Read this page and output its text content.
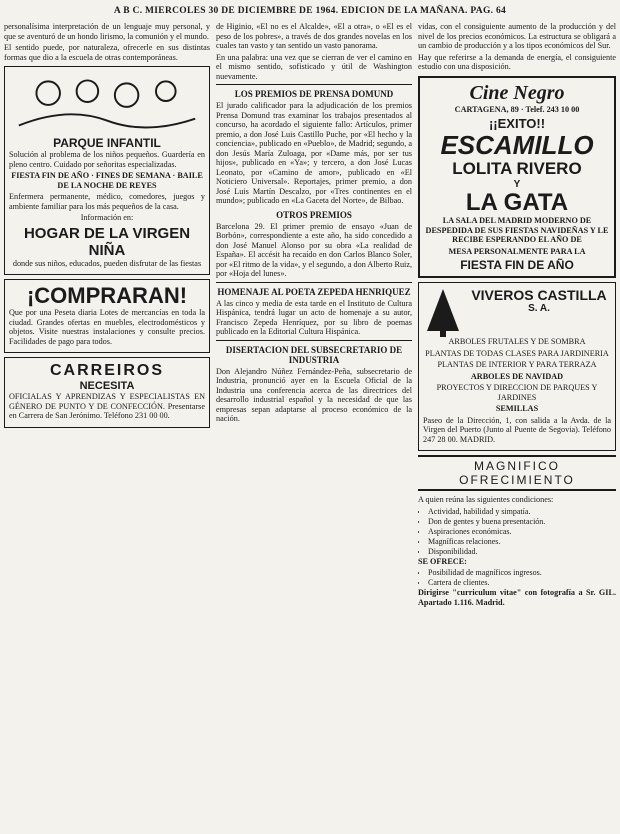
A B C. MIERCOLES 30 DE DICIEMBRE DE 1964. EDICION DE LA MAÑANA. PAG. 64

personalísima interpretación de un lenguaje muy personal, y que se aventuró de un hondo lirismo, la comunión y el mundo.

El sentido puede, por naturaleza, ofrecerle en sus distintas formas que dio a la escuela de otras contemporáneas.

PARQUE INFANTIL

Solución al problema de los niños pequeños. Guardería en pleno centro. Cuidado por señoritas especializadas.

FIESTA FIN DE AÑO · FINES DE SEMANA · BAILE DE LA NOCHE DE REYES

Enfermera permanente, médico, comedores, juegos y ambiente familiar para los más pequeños de la casa.

Información en:

HOGAR DE LA VIRGEN NIÑA

donde sus niños, educados, pueden disfrutar de las fiestas

¡COMPRARAN!

Que por una Peseta diaria Lotes de mercancías en toda la ciudad. Grandes ofertas en muebles, electrodomésticos y objetos. Visite nuestras instalaciones y consulte precios. Facilidades de pago para todos.

CARREIROS
NECESITA

OFICIALAS Y APRENDIZAS Y ESPECIALISTAS EN GÉNERO DE PUNTO Y DE CONFECCIÓN. Presentarse en Carrera de San Jerónimo. Teléfono 231 00 00.

de Higinio, «El no es el Alcalde», «El a otra», o «El es el peso de los pobres», a través de dos grandes novelas en los cuales tan vasto y tan sentido un vasto panorama.

En una palabra: una vez que se cierran de ver el camino en el mismo sentido, sofisticado y útil de Washington nuevamente.

LOS PREMIOS DE PRENSA DOMUND

El jurado calificador para la adjudicación de los premios Prensa Domund tras examinar los trabajos presentados al concurso, ha acordado el siguiente fallo: Artículos, primer premio, a don José Luis Castillo Puche, por «El hecho y la conciencia», publicado en «Pueblo», de Madrid; segundo, a don Jesús María Zuloaga, por «Dame más, por ser tus hijos», publicado en «Ya»; y tercero, a don José Lucas Leonato, por «Camino de amor», publicado en «El Noticiero Universal». Reportajes, primer premio, a don José Luis Martín Descalzo, por «Tres continentes en el mundo»; publicado en «La Gaceta del Norte», de Bilbao.

OTROS PREMIOS

Barcelona 29. El primer premio de ensayo «Juan de Borbón», correspondiente a este año, ha sido concedido a don José Manuel Alonso por su obra «La realidad de España». El accésit ha recaído en don Carlos Blanco Soler, por «El ritmo de la vida», y el segundo, a don Alberto Ruiz, por «Hoja del lunes».

HOMENAJE AL POETA ZEPEDA HENRIQUEZ

A las cinco y media de esta tarde en el Instituto de Cultura Hispánica, tendrá lugar un acto de homenaje a su autor, Francisco Zepeda Henríquez, por su libro de poemas publicado en la Editorial Cultura Hispánica.

DISERTACION DEL SUBSECRETARIO DE INDUSTRIA

Don Alejandro Núñez Fernández-Peña, subsecretario de Industria, pronunció ayer en la Escuela Oficial de la Industria una conferencia acerca de las directrices del desarrollo industrial español y la necesidad de que las empresas sepan adaptarse al proceso económico de la nación.

vidas, con el consiguiente aumento de la producción y del nivel de los precios económicos. La estructura se obligará a un cambio de producción y a los tipos económicos del Sur.

Hay que referirse a la demanda de energía, el consiguiente estudio con una disposición.

Cine Negro

CARTAGENA, 89 · Telef. 243 10 00

¡¡EXITO!!
ESCAMILLO
LOLITA RIVERO
Y
LA GATA

LA SALA DEL MADRID MODERNO DE DESPEDIDA DE SUS FIESTAS NAVIDEÑAS Y LE RECIBE ESPERANDO EL AÑO DE

MESA PERSONALMENTE PARA LA

FIESTA FIN DE AÑO
VIVEROS CASTILLA
S. A.

ARBOLES FRUTALES Y DE SOMBRA

PLANTAS DE TODAS CLASES PARA JARDINERIA

PLANTAS DE INTERIOR Y PARA TERRAZA

ARBOLES DE NAVIDAD

PROYECTOS Y DIRECCION DE PARQUES Y JARDINES

SEMILLAS

Paseo de la Dirección, 1, con salida a la Avda. de la Virgen del Puerto (Junto al Puente de Segovia). Teléfono 247 28 00. MADRID.

MAGNIFICO OFRECIMIENTO

A quien reúna las siguientes condiciones:

• Actividad, habilidad y simpatía.
• Don de gentes y buena presentación.
• Aspiraciones económicas.
• Magníficas relaciones.
• Disponibilidad.

SE OFRECE:

• Posibilidad de magníficos ingresos.
• Cartera de clientes.

Dirigirse "curriculum vitae" con fotografía a Sr. GIL. Apartado 1.116. Madrid.
